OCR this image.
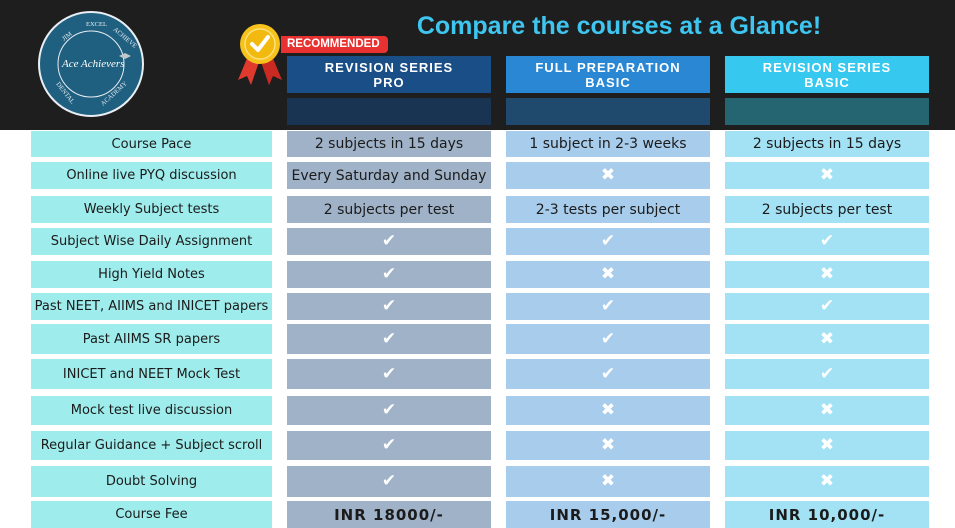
JIM
EXCEL
ACHIEVE
DENTAL	ACADEMY
Ace Achievers
Compare the courses at a Glance!
RECOMMENDED
REVISION SERIES
PRO
FULL PREPARATION
BASIC
REVISION SERIES
BASIC
Course Pace	2 subjects in 15 days	1 subject in 2-3 weeks	2 subjects in 15 days
Online live PYQ discussion	Every Saturday and Sunday	✖	✖
Weekly Subject tests	2 subjects per test	2-3 tests per subject	2 subjects per test
Subject Wise Daily Assignment	✔	✔	✔
High Yield Notes	✔	✖	✖
Past NEET, AIIMS and INICET papers	✔	✔	✔
Past AIIMS SR papers	✔	✔	✖
INICET and NEET Mock Test	✔	✔	✔
Mock test live discussion	✔	✖	✖
Regular Guidance + Subject scroll	✔	✖	✖
Doubt Solving	✔	✖	✖
Course Fee	INR 18000/-	INR 15,000/-	INR 10,000/-
